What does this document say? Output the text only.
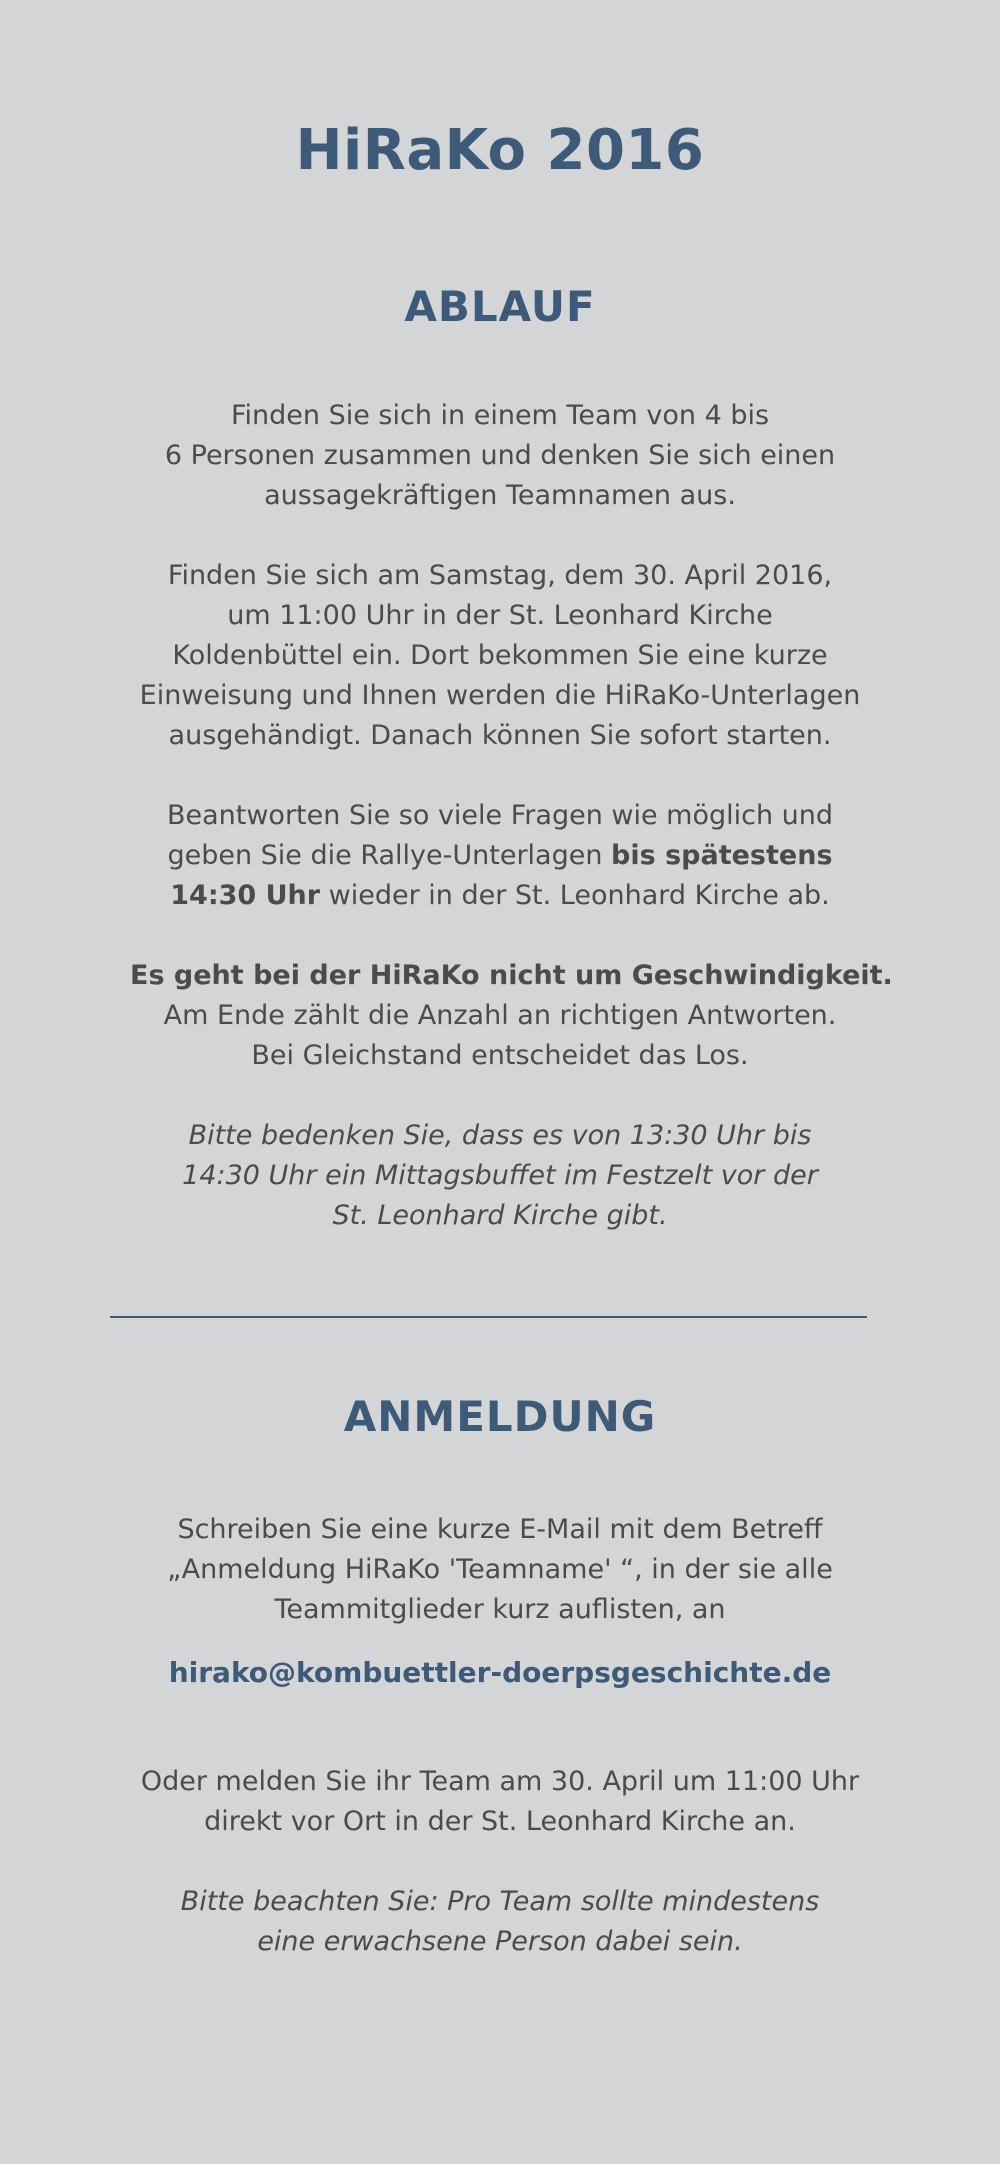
HiRaKo 2016
ABLAUF

Finden Sie sich in einem Team von 4 bis
6 Personen zusammen und denken Sie sich einen
aussagekräftigen Teamnamen aus.

Finden Sie sich am Samstag, dem 30. April 2016,
um 11:00 Uhr in der St. Leonhard Kirche
Koldenbüttel ein. Dort bekommen Sie eine kurze
Einweisung und Ihnen werden die HiRaKo-Unterlagen
ausgehändigt. Danach können Sie sofort starten.

Beantworten Sie so viele Fragen wie möglich und
geben Sie die Rallye-Unterlagen bis spätestens
14:30 Uhr wieder in der St. Leonhard Kirche ab.

Es geht bei der HiRaKo nicht um Geschwindigkeit.
Am Ende zählt die Anzahl an richtigen Antworten.
Bei Gleichstand entscheidet das Los.

Bitte bedenken Sie, dass es von 13:30 Uhr bis
14:30 Uhr ein Mittagsbuffet im Festzelt vor der
St. Leonhard Kirche gibt.

ANMELDUNG

Schreiben Sie eine kurze E-Mail mit dem Betreff
„Anmeldung HiRaKo 'Teamname' “, in der sie alle
Teammitglieder kurz auflisten, an

hirako@kombuettler-doerpsgeschichte.de

Oder melden Sie ihr Team am 30. April um 11:00 Uhr
direkt vor Ort in der St. Leonhard Kirche an.

Bitte beachten Sie: Pro Team sollte mindestens
eine erwachsene Person dabei sein.
